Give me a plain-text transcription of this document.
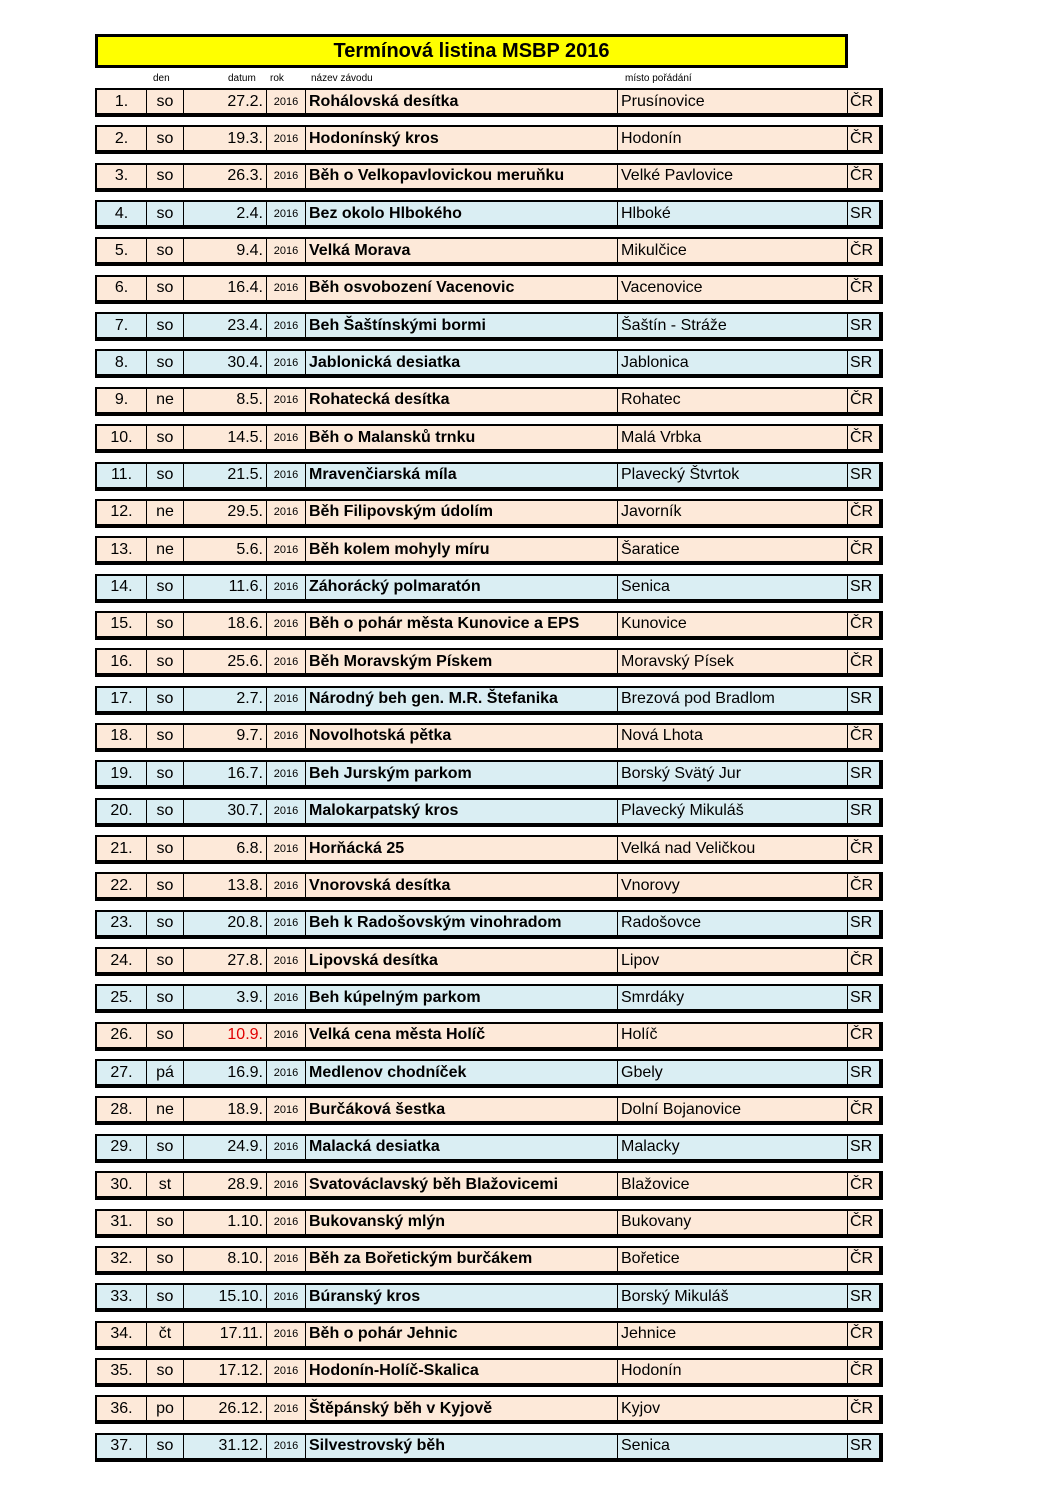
Termínová listina MSBP 2016
den	datum rok	název závodu	místo pořádání
1.	so	27.2. 2016 Rohálovská desítka	Prusínovice	ČR
2.	so	19.3. 2016 Hodonínský kros	Hodonín	ČR
3.	so	26.3. 2016 Běh o Velkopavlovickou meruňku	Velké Pavlovice	ČR
4.	so	2.4. 2016 Bez okolo Hlbokého	Hlboké	SR
5.	so	9.4. 2016 Velká Morava	Mikulčice	ČR
6.	so	16.4. 2016 Běh osvobození Vacenovic	Vacenovice	ČR
7.	so	23.4. 2016 Beh Šaštínskými bormi	Šaštín - Stráže	SR
8.	so	30.4. 2016 Jablonická desiatka	Jablonica	SR
9.	ne	8.5. 2016 Rohatecká desítka	Rohatec	ČR
10.	so	14.5. 2016 Běh o Malansků trnku	Malá Vrbka	ČR
11.	so	21.5. 2016 Mravenčiarská míla	Plavecký Štvrtok	SR
12.	ne	29.5. 2016 Běh Filipovským údolím	Javorník	ČR
13.	ne	5.6. 2016 Běh kolem mohyly míru	Šaratice	ČR
14.	so	11.6. 2016 Záhorácký polmaratón	Senica	SR
15.	so	18.6. 2016 Běh o pohár města Kunovice a EPS	Kunovice	ČR
16.	so	25.6. 2016 Běh Moravským Pískem	Moravský Písek	ČR
17.	so	2.7. 2016 Národný beh gen. M.R. Štefanika	Brezová pod Bradlom	SR
18.	so	9.7. 2016 Novolhotská pětka	Nová Lhota	ČR
19.	so	16.7. 2016 Beh Jurským parkom	Borský Svätý Jur	SR
20.	so	30.7. 2016 Malokarpatský kros	Plavecký Mikuláš	SR
21.	so	6.8. 2016 Horňácká 25	Velká nad Veličkou	ČR
22.	so	13.8. 2016 Vnorovská desítka	Vnorovy	ČR
23.	so	20.8. 2016 Beh k Radošovským vinohradom	Radošovce	SR
24.	so	27.8. 2016 Lipovská desítka	Lipov	ČR
25.	so	3.9. 2016 Beh kúpelným parkom	Smrdáky	SR
26.	so	10.9. 2016 Velká cena města Holíč	Holíč	ČR
27.	pá	16.9. 2016 Medlenov chodníček	Gbely	SR
28.	ne	18.9. 2016 Burčáková šestka	Dolní Bojanovice	ČR
29.	so	24.9. 2016 Malacká desiatka	Malacky	SR
30.	st	28.9. 2016 Svatováclavský běh Blažovicemi	Blažovice	ČR
31.	so	1.10. 2016 Bukovanský mlýn	Bukovany	ČR
32.	so	8.10. 2016 Běh za Bořetickým burčákem	Bořetice	ČR
33.	so	15.10. 2016 Búranský kros	Borský Mikuláš	SR
34.	čt	17.11. 2016 Běh o pohár Jehnic	Jehnice	ČR
35.	so	17.12. 2016 Hodonín-Holíč-Skalica	Hodonín	ČR
36.	po	26.12. 2016 Štěpánský běh v Kyjově	Kyjov	ČR
37.	so	31.12. 2016 Silvestrovský běh	Senica	SR
